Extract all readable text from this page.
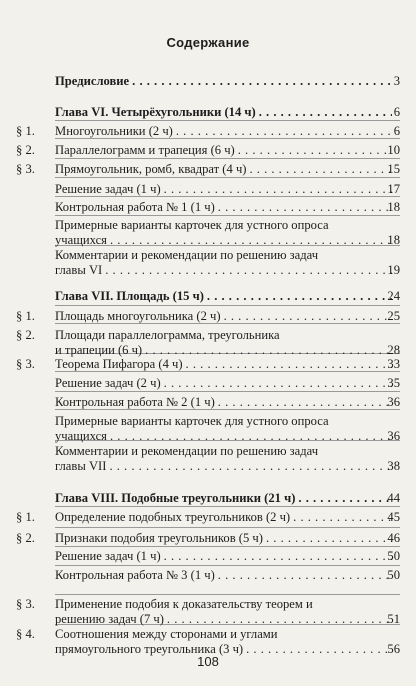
Содержание
Предисловие . . .	3
Глава VI. Четырёхугольники (14 ч) . . .	6
§ 1. Многоугольники (2 ч) . . .	6
§ 2. Параллелограмм и трапеция (6 ч) . . .	10
§ 3. Прямоугольник, ромб, квадрат (4 ч) . . .	15
Решение задач (1 ч) . . .	17
Контрольная работа № 1 (1 ч) . . .	18
Примерные варианты карточек для устного опроса
учащихся . . .	18
Комментарии и рекомендации по решению задач
главы VI . . .	19
Глава VII. Площадь (15 ч) . . .	24
§ 1. Площадь многоугольника (2 ч) . . .	25
§ 2. Площади параллелограмма, треугольника
и трапеции (6 ч) . . .	28
§ 3. Теорема Пифагора (4 ч) . . .	33
Решение задач (2 ч) . . .	35
Контрольная работа № 2 (1 ч) . . .	36
Примерные варианты карточек для устного опроса
учащихся . . .	36
Комментарии и рекомендации по решению задач
главы VII . . .	38
Глава VIII. Подобные треугольники (21 ч) . . .	44
§ 1. Определение подобных треугольников (2 ч) . . .	45
§ 2. Признаки подобия треугольников (5 ч) . . .	46
Решение задач (1 ч) . . .	50
Контрольная работа № 3 (1 ч) . . .	50
§ 3. Применение подобия к доказательству теорем и
решению задач (7 ч) . . .	51
§ 4. Соотношения между сторонами и углами
прямоугольного треугольника (3 ч) . . .	56
108
